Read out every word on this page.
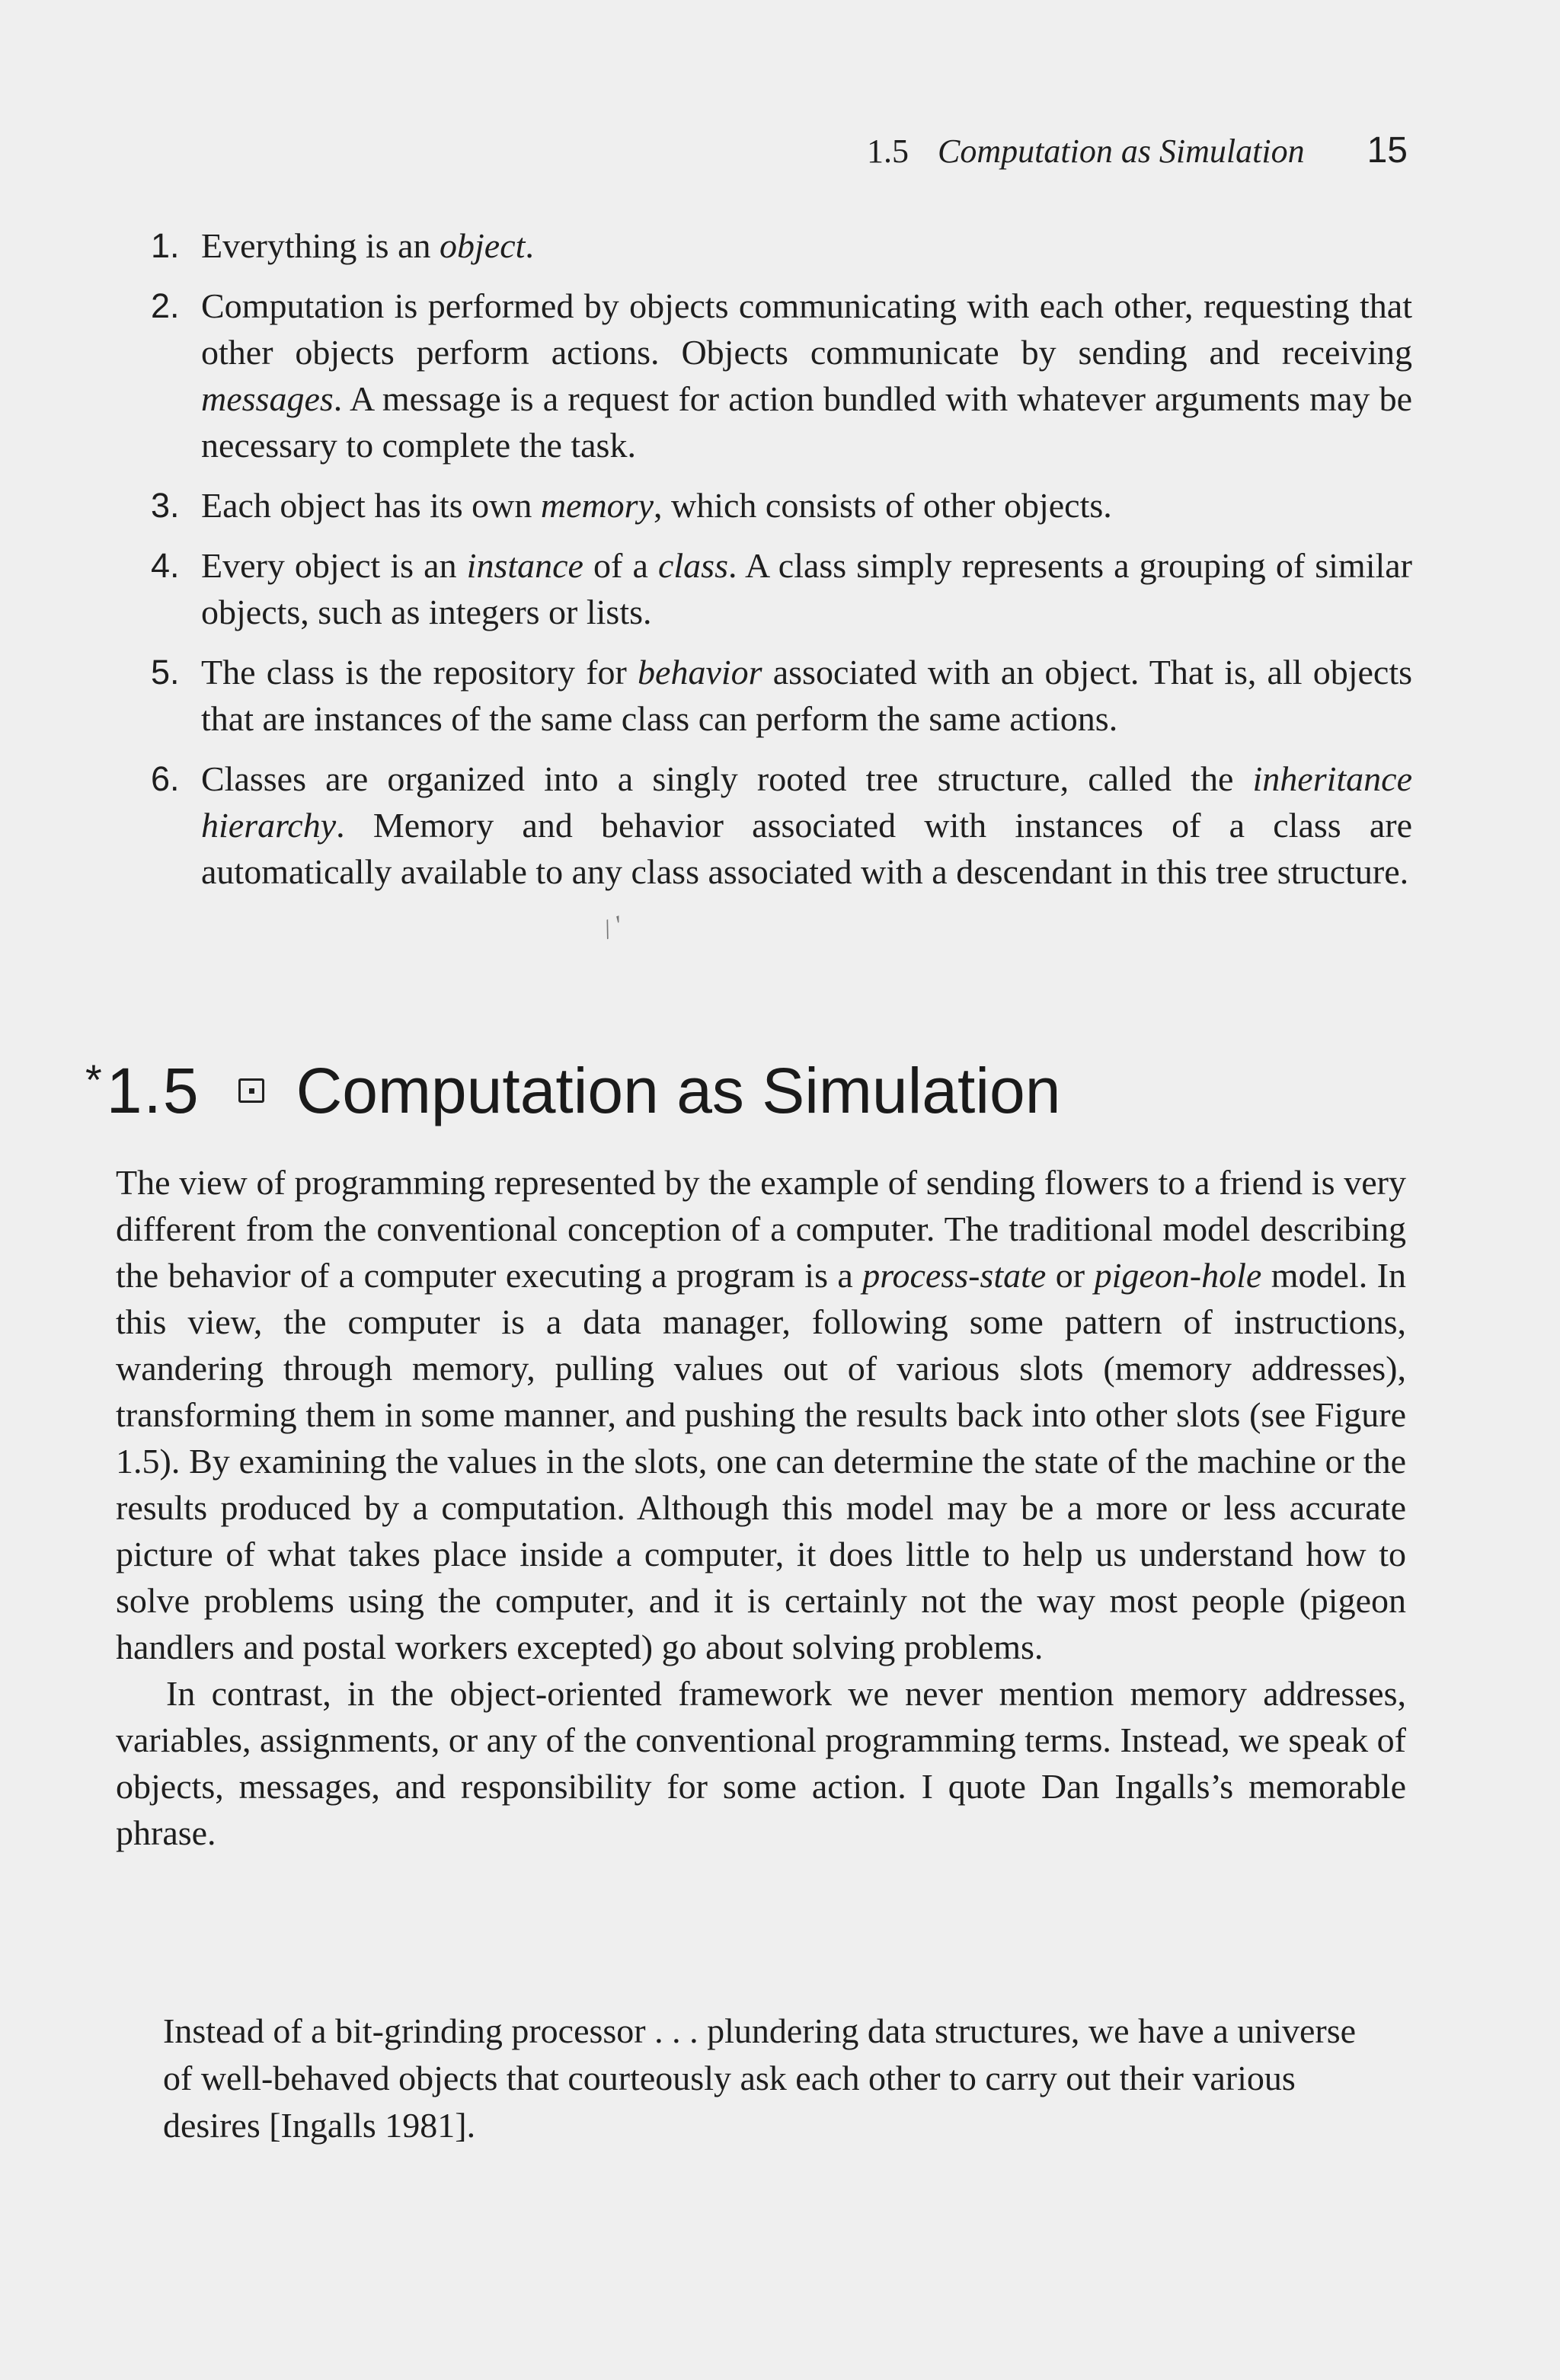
1.5 Computation as Simulation 15
1. Everything is an object.
2. Computation is performed by objects communicating with each other, requesting that other objects perform actions. Objects communicate by sending and receiving messages. A message is a request for action bundled with whatever arguments may be necessary to complete the task.
3. Each object has its own memory, which consists of other objects.
4. Every object is an instance of a class. A class simply represents a grouping of similar objects, such as integers or lists.
5. The class is the repository for behavior associated with an object. That is, all objects that are instances of the same class can perform the same actions.
6. Classes are organized into a singly rooted tree structure, called the inheritance hierarchy. Memory and behavior associated with instances of a class are automatically available to any class associated with a descendant in this tree structure.
/ ′
* 1.5 Computation as Simulation

The view of programming represented by the example of sending flowers to a friend is very different from the conventional conception of a computer. The traditional model describing the behavior of a computer executing a program is a process-state or pigeon-hole model. In this view, the computer is a data manager, following some pattern of instructions, wandering through memory, pulling values out of various slots (memory addresses), transforming them in some manner, and pushing the results back into other slots (see Figure 1.5). By examining the values in the slots, one can determine the state of the machine or the results produced by a computation. Although this model may be a more or less accurate picture of what takes place inside a computer, it does little to help us understand how to solve problems using the computer, and it is certainly not the way most people (pigeon handlers and postal workers excepted) go about solving problems.

In contrast, in the object-oriented framework we never mention memory addresses, variables, assignments, or any of the conventional programming terms. Instead, we speak of objects, messages, and responsibility for some action. I quote Dan Ingalls’s memorable phrase.

Instead of a bit-grinding processor . . . plundering data structures, we have a universe of well-behaved objects that courteously ask each other to carry out their various desires [Ingalls 1981].
